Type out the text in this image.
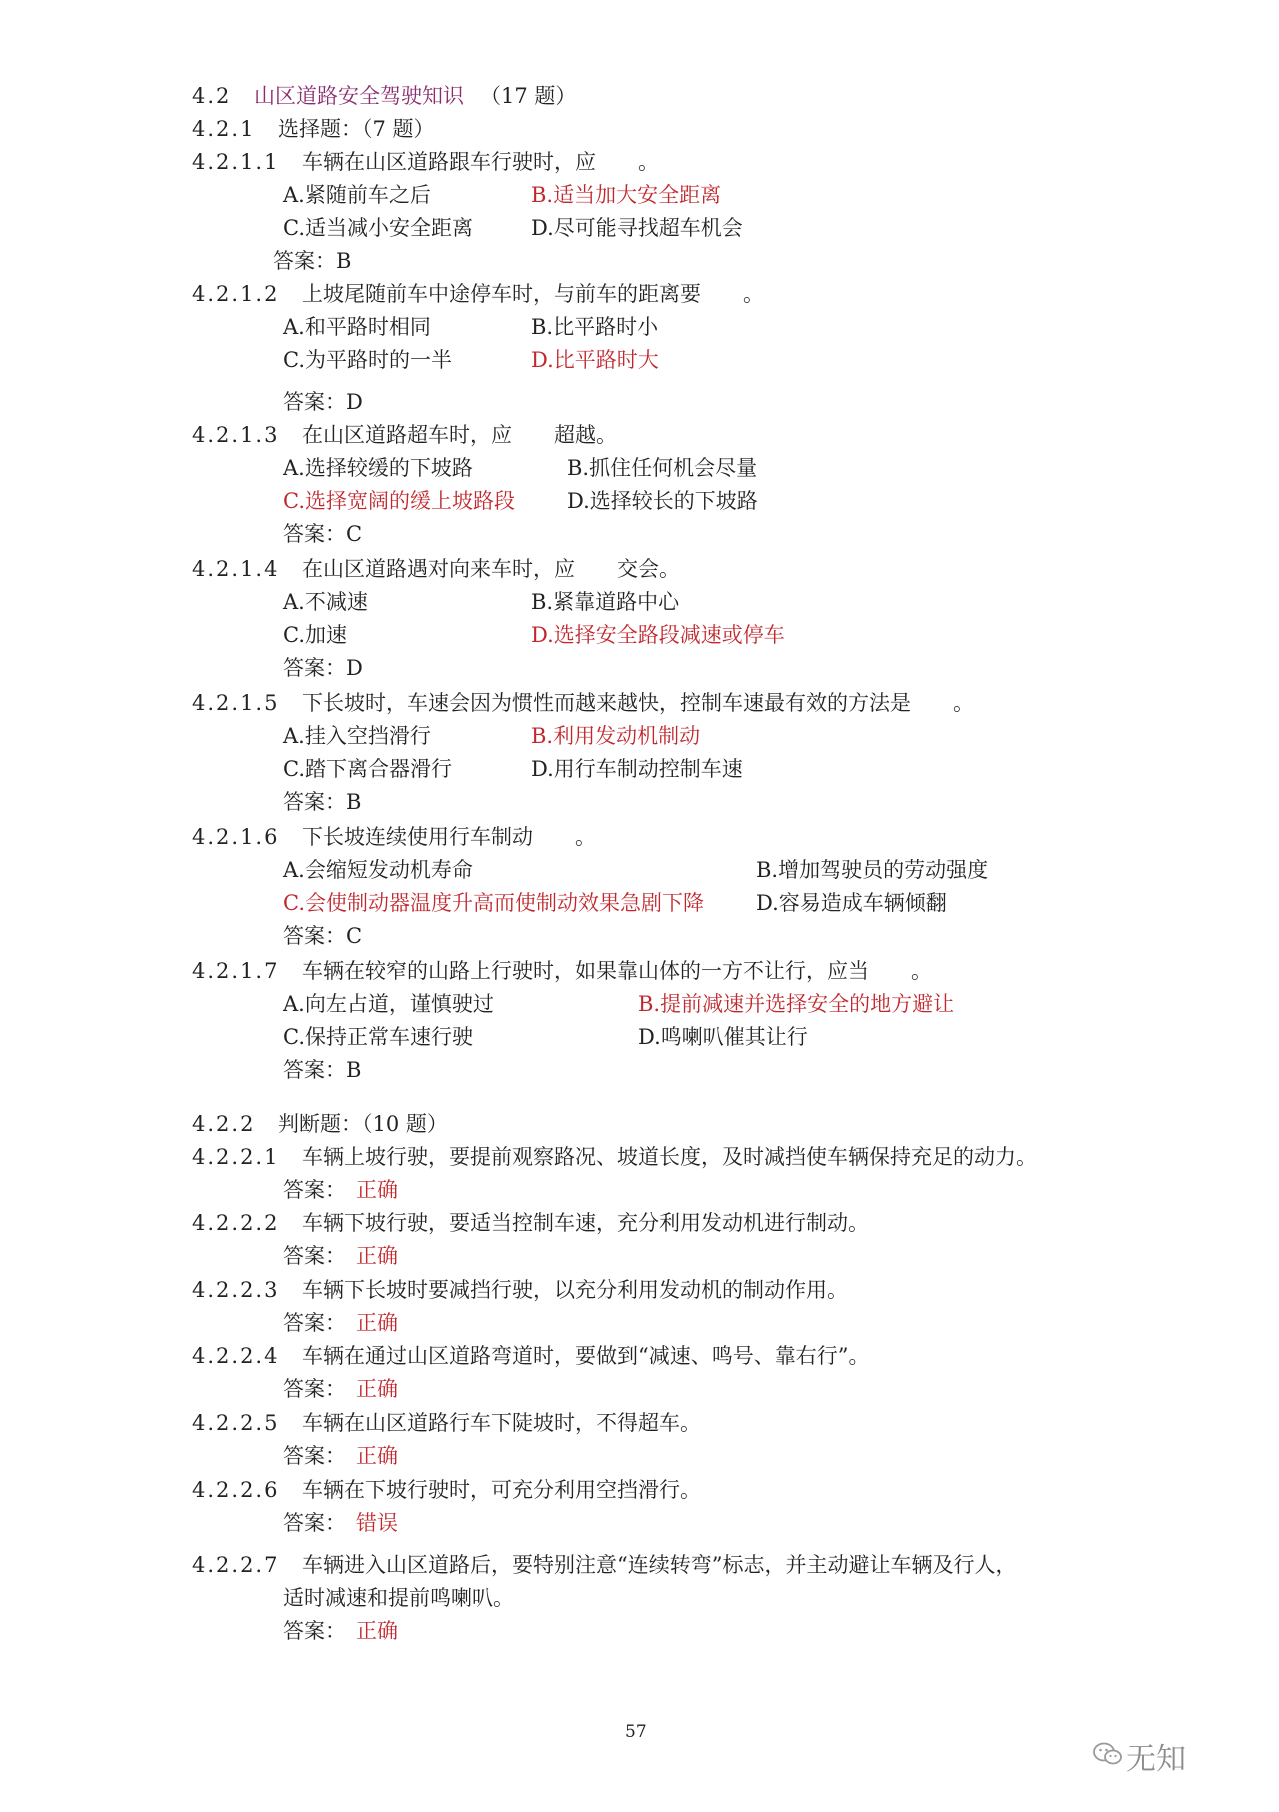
4.2 山区道路安全驾驶知识 （17 题）
4.2.1 选择题：（7 题）
4.2.1.1 车辆在山区道路跟车行驶时，应　　。
A.紧随前车之后	B.适当加大安全距离
C.适当减小安全距离	D.尽可能寻找超车机会
答案：B
4.2.1.2 上坡尾随前车中途停车时，与前车的距离要　　。
A.和平路时相同	B.比平路时小
C.为平路时的一半	D.比平路时大
答案：D
4.2.1.3 在山区道路超车时，应　　超越。
A.选择较缓的下坡路	B.抓住任何机会尽量
C.选择宽阔的缓上坡路段 D.选择较长的下坡路
答案：C
4.2.1.4 在山区道路遇对向来车时，应　　交会。
A.不减速	B.紧靠道路中心
C.加速	D.选择安全路段减速或停车
答案：D
4.2.1.5 下长坡时，车速会因为惯性而越来越快，控制车速最有效的方法是　　。
A.挂入空挡滑行	B.利用发动机制动
C.踏下离合器滑行	D.用行车制动控制车速
答案：B
4.2.1.6 下长坡连续使用行车制动　　。
A.会缩短发动机寿命	B.增加驾驶员的劳动强度
C.会使制动器温度升高而使制动效果急剧下降 D.容易造成车辆倾翻
答案：C
4.2.1.7 车辆在较窄的山路上行驶时，如果靠山体的一方不让行，应当　　。
A.向左占道，谨慎驶过	B.提前减速并选择安全的地方避让
C.保持正常车速行驶	D.鸣喇叭催其让行
答案：B
4.2.2 判断题：（10 题）
4.2.2.1 车辆上坡行驶，要提前观察路况、坡道长度，及时减挡使车辆保持充足的动力。
答案： 正确
4.2.2.2 车辆下坡行驶，要适当控制车速，充分利用发动机进行制动。
答案： 正确
4.2.2.3 车辆下长坡时要减挡行驶，以充分利用发动机的制动作用。
答案： 正确
4.2.2.4 车辆在通过山区道路弯道时，要做到“减速、鸣号、靠右行”。
答案： 正确
4.2.2.5 车辆在山区道路行车下陡坡时，不得超车。
答案： 正确
4.2.2.6 车辆在下坡行驶时，可充分利用空挡滑行。
答案： 错误
4.2.2.7 车辆进入山区道路后，要特别注意“连续转弯”标志，并主动避让车辆及行人，
适时减速和提前鸣喇叭。
答案： 正确
57
无知
